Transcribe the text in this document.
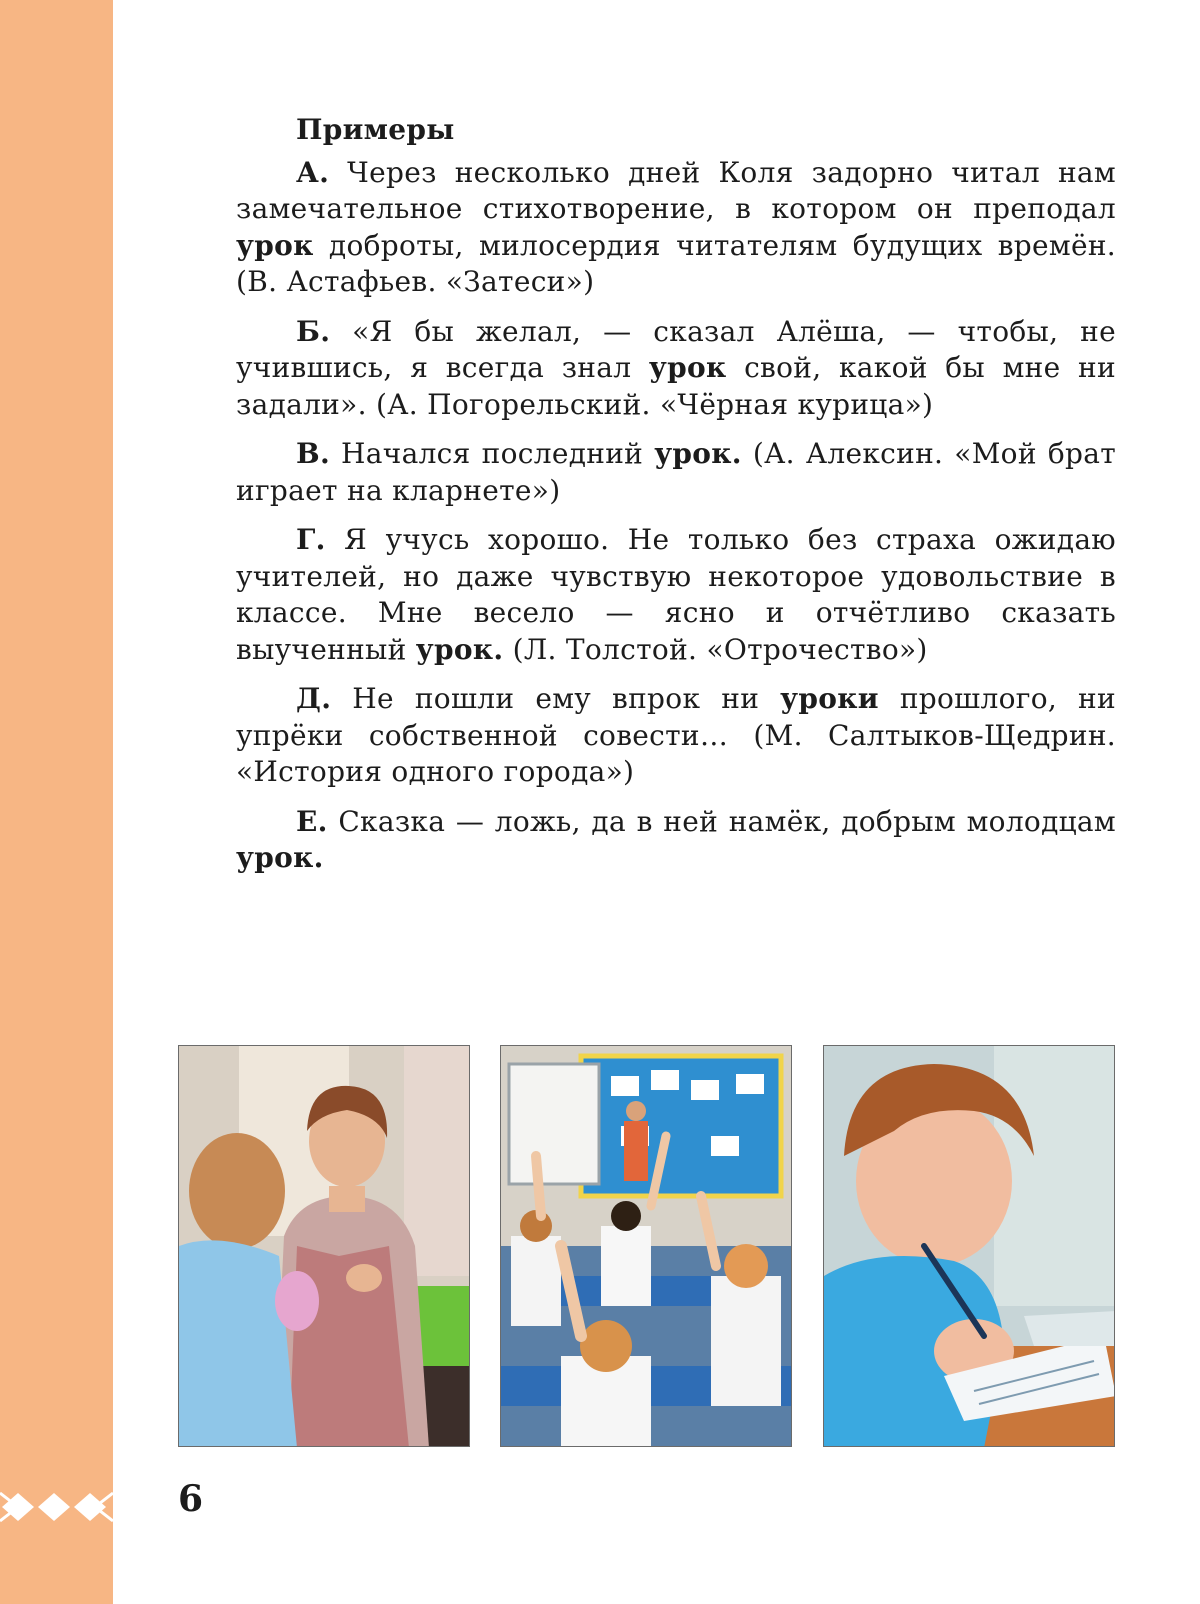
Примеры

А. Через несколько дней Коля задорно читал нам замечательное стихотворение, в котором он преподал урок доброты, милосердия читателям будущих времён. (В. Астафьев. «Затеси»)

Б. «Я бы желал, — сказал Алёша, — чтобы, не учившись, я всегда знал урок свой, какой бы мне ни задали». (А. Погорельский. «Чёрная курица»)

В. Начался последний урок. (А. Алексин. «Мой брат играет на кларнете»)

Г. Я учусь хорошо. Не только без страха ожидаю учителей, но даже чувствую некоторое удовольствие в классе. Мне весело — ясно и отчётливо сказать выученный урок. (Л. Толстой. «Отрочество»)

Д. Не пошли ему впрок ни уроки прошлого, ни упрёки собственной совести… (М. Салтыков-Щедрин. «История одного города»)

Е. Сказка — ложь, да в ней намёк, добрым молодцам урок.

6
